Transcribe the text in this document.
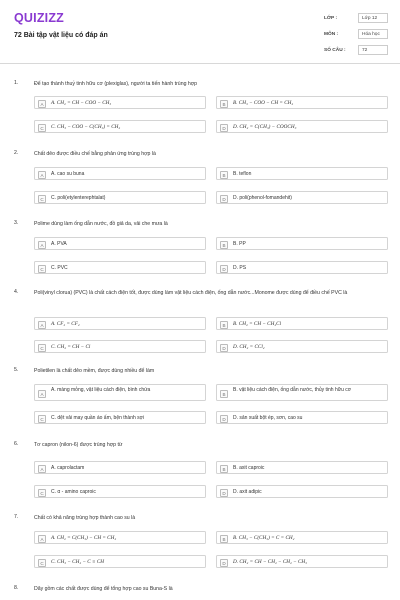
QUIZIZZ
72 Bài tập vật liệu có đáp án
LỚP :	Lớp 12
MÔN :	Hóa học
SỐ CÂU :	72
1.	Để tạo thành thuỷ tinh hữu cơ (plexiglas), người ta tiến hành trùng hợp
A	A. CH₂ = CH − COO − CH₃	B	B. CH₃ − COO − CH = CH₂
C	C. CH₃ − COO − C(CH₃) = CH₂	D	D. CH₂ = C(CH₃) − COOCH₃
2.	Chất dẻo được điều chế bằng phản ứng trùng hợp là
A	A. cao su buna	B	B. teflon
C	C. poli(etylenterephtalat)	D	D. poli(phenol-fomandehit)
3.	Polime dùng làm ống dẫn nước, đồ giả da, vải che mưa là
A	A. PVA	B	B. PP
C	C. PVC	D	D. PS
4.	Poli(vinyl clorua) (PVC) là chất cách điện tốt, được dùng làm vật liệu cách điện, ống dẫn nước...Monome được dùng để điều chế PVC là
A	A. CF₂ = CF₂	B	B. CH₂ = CH − CH₂Cl
C	C. CH₂ = CH − Cl	D	D. CH₂ = CCl₂
5.	Polietilen là chất dẻo mềm, được dùng nhiều để làm
A
A. màng mỏng, vật liệu cách điện, bình chứa
B
B. vật liệu cách điện, ống dẫn nước, thủy tinh hữu cơ
C	C. dệt vải may quần áo ấm, bện thành sợi	D	D. sản xuất bột ép, sơn, cao su
6.	Tơ capron (nilon-6) được trùng hợp từ
A	A. caprolactam	B	B. axit caproic
C	C. α - amino caproic	D	D. axit adipic
7.	Chất có khả năng trùng hợp thành cao su là
A	A. CH₂ = C(CH₃) − CH = CH₂	B	B. CH₃ − C(CH₃) = C = CH₂
C	C. CH₃ − CH₂ − C ≡ CH	D	D. CH₂ = CH − CH₂ − CH₂ − CH₃
8.	Dãy gồm các chất được dùng để tổng hợp cao su Buna-S là
